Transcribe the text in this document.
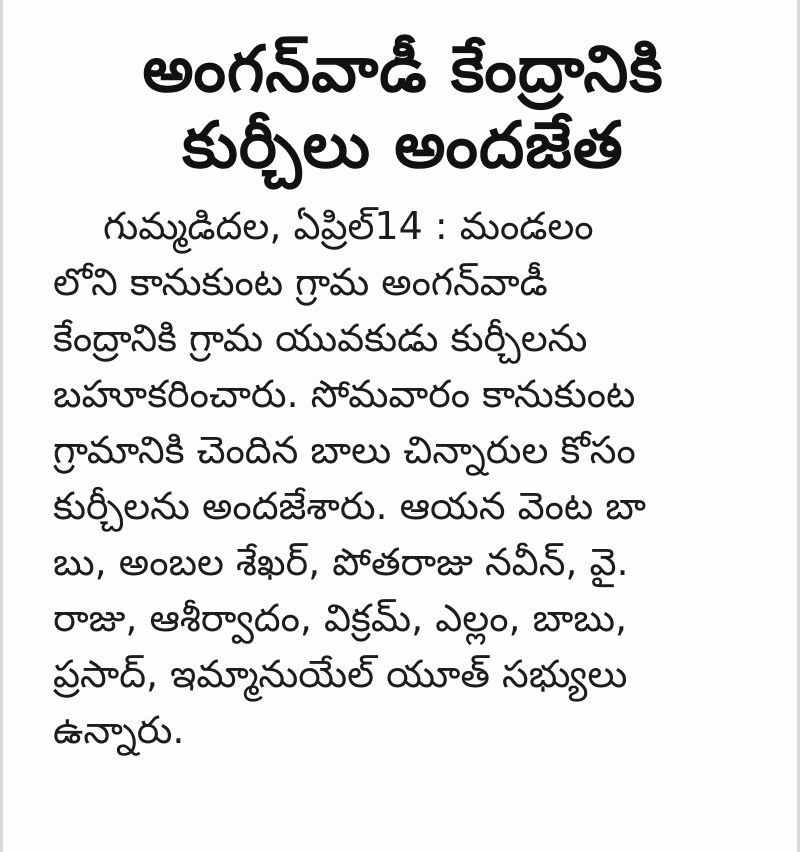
అంగన్‌వాడీ కేంద్రానికి
కుర్చీలు అందజేత
గుమ్మడిదల, ఏప్రిల్14 : మండలం
లోని కానుకుంట గ్రామ అంగన్‌వాడీ
కేంద్రానికి గ్రామ యువకుడు కుర్చీలను
బహూకరించారు. సోమవారం కానుకుంట
గ్రామానికి చెందిన బాలు చిన్నారుల కోసం
కుర్చీలను అందజేశారు. ఆయన వెంట బా
బు, అంబల శేఖర్, పోతరాజు నవీన్, వై.
రాజు, ఆశీర్వాదం, విక్రమ్, ఎల్లం, బాబు,
ప్రసాద్, ఇమ్మానుయేల్ యూత్ సభ్యులు
ఉన్నారు.
